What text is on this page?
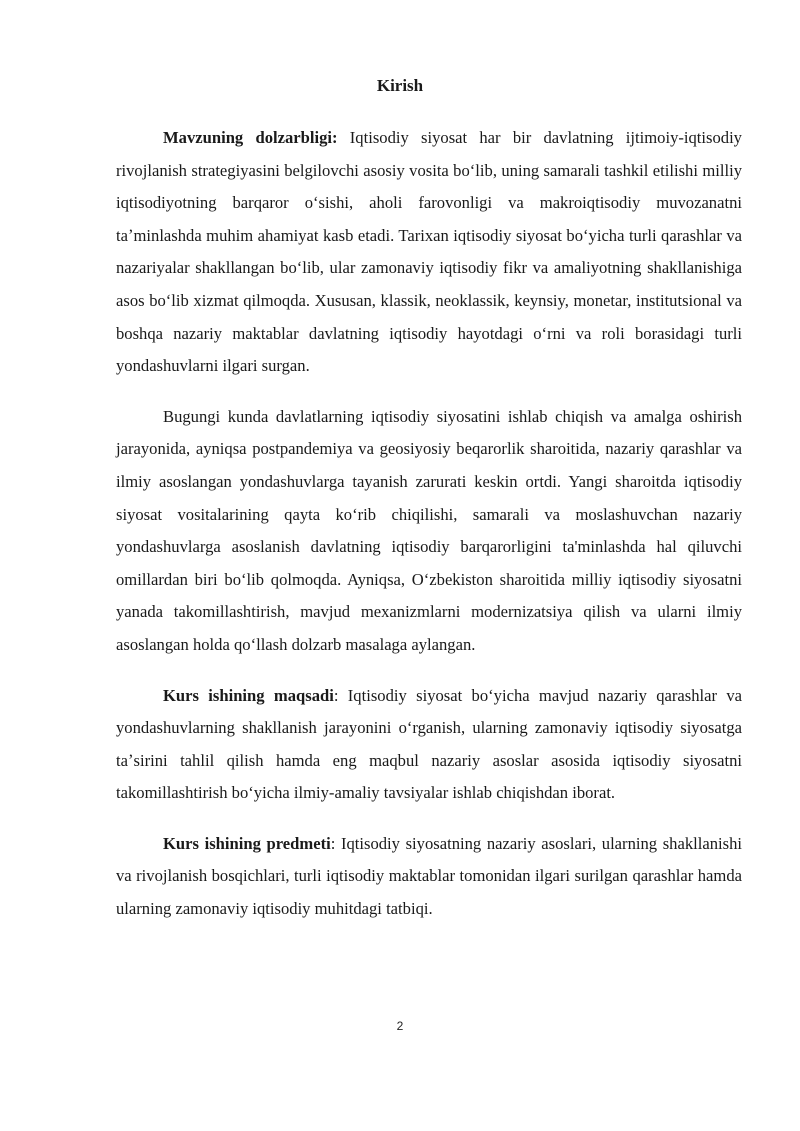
Kirish

Mavzuning dolzarbligi: Iqtisodiy siyosat har bir davlatning ijtimoiy-iqtisodiy rivojlanish strategiyasini belgilovchi asosiy vosita boʻlib, uning samarali tashkil etilishi milliy iqtisodiyotning barqaror oʻsishi, aholi farovonligi va makroiqtisodiy muvozanatni taʼminlashda muhim ahamiyat kasb etadi. Tarixan iqtisodiy siyosat boʻyicha turli qarashlar va nazariyalar shakllangan boʻlib, ular zamonaviy iqtisodiy fikr va amaliyotning shakllanishiga asos boʻlib xizmat qilmoqda. Xususan, klassik, neoklassik, keynsiy, monetar, institutsional va boshqa nazariy maktablar davlatning iqtisodiy hayotdagi oʻrni va roli borasidagi turli yondashuvlarni ilgari surgan.

Bugungi kunda davlatlarning iqtisodiy siyosatini ishlab chiqish va amalga oshirish jarayonida, ayniqsa postpandemiya va geosiyosiy beqarorlik sharoitida, nazariy qarashlar va ilmiy asoslangan yondashuvlarga tayanish zarurati keskin ortdi. Yangi sharoitda iqtisodiy siyosat vositalarining qayta koʻrib chiqilishi, samarali va moslashuvchan nazariy yondashuvlarga asoslanish davlatning iqtisodiy barqarorligini ta'minlashda hal qiluvchi omillardan biri boʻlib qolmoqda. Ayniqsa, Oʻzbekiston sharoitida milliy iqtisodiy siyosatni yanada takomillashtirish, mavjud mexanizmlarni modernizatsiya qilish va ularni ilmiy asoslangan holda qoʻllash dolzarb masalaga aylangan.

Kurs ishining maqsadi: Iqtisodiy siyosat boʻyicha mavjud nazariy qarashlar va yondashuvlarning shakllanish jarayonini oʻrganish, ularning zamonaviy iqtisodiy siyosatga taʼsirini tahlil qilish hamda eng maqbul nazariy asoslar asosida iqtisodiy siyosatni takomillashtirish boʻyicha ilmiy-amaliy tavsiyalar ishlab chiqishdan iborat.

Kurs ishining predmeti: Iqtisodiy siyosatning nazariy asoslari, ularning shakllanishi va rivojlanish bosqichlari, turli iqtisodiy maktablar tomonidan ilgari surilgan qarashlar hamda ularning zamonaviy iqtisodiy muhitdagi tatbiqi.

2
